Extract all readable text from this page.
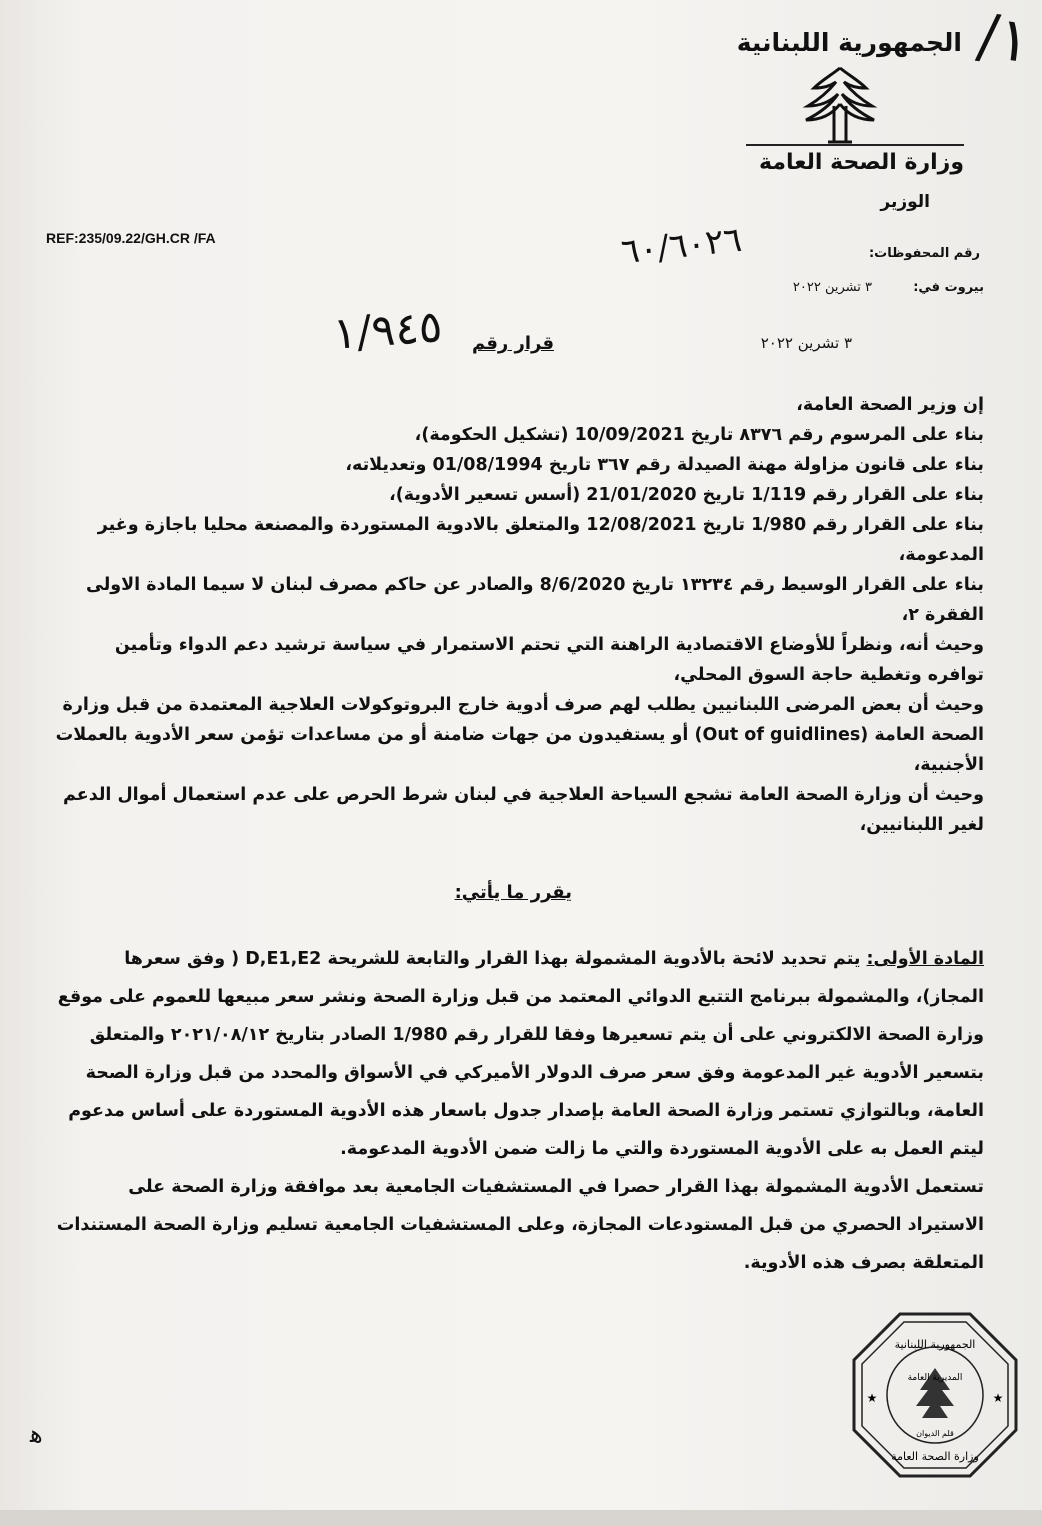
١/
الجمهورية اللبنانية
وزارة الصحة العامة
الوزير
REF:235/09.22/GH.CR /FA
رقم المحفوظات:
٦٠/٦٠٢٦
بيروت في:
٣ تشرين ٢٠٢٢
قرار رقم
١/٩٤٥	٣ تشرين ٢٠٢٢

إن وزير الصحة العامة،

بناء على المرسوم رقم ٨٣٧٦ تاريخ 10/09/2021 (تشكيل الحكومة)،

بناء على قانون مزاولة مهنة الصيدلة رقم ٣٦٧ تاريخ 01/08/1994 وتعديلاته،

بناء على القرار رقم 1/119 تاريخ 21/01/2020 (أسس تسعير الأدوية)،

بناء على القرار رقم 1/980 تاريخ 12/08/2021 والمتعلق بالادوية المستوردة والمصنعة محليا باجازة وغير المدعومة،

بناء على القرار الوسيط رقم ١٣٢٣٤ تاريخ 8/6/2020 والصادر عن حاكم مصرف لبنان لا سيما المادة الاولى الفقرة ٢،

وحيث أنه، ونظراً للأوضاع الاقتصادية الراهنة التي تحتم الاستمرار في سياسة ترشيد دعم الدواء وتأمين توافره وتغطية حاجة السوق المحلي،

وحيث أن بعض المرضى اللبنانيين يطلب لهم صرف أدوية خارج البروتوكولات العلاجية المعتمدة من قبل وزارة الصحة العامة (Out of guidlines) أو يستفيدون من جهات ضامنة أو من مساعدات تؤمن سعر الأدوية بالعملات الأجنبية،

وحيث أن وزارة الصحة العامة تشجع السياحة العلاجية في لبنان شرط الحرص على عدم استعمال أموال الدعم لغير اللبنانيين،

يقرر ما يأتي:

المادة الأولى: يتم تحديد لائحة بالأدوية المشمولة بهذا القرار والتابعة للشريحة D,E1,E2 ( وفق سعرها المجاز)، والمشمولة ببرنامج التتبع الدوائي المعتمد من قبل وزارة الصحة ونشر سعر مبيعها للعموم على موقع وزارة الصحة الالكتروني على أن يتم تسعيرها وفقا للقرار رقم 1/980 الصادر بتاريخ ٢٠٢١/٠٨/١٢ والمتعلق بتسعير الأدوية غير المدعومة وفق سعر صرف الدولار الأميركي في الأسواق والمحدد من قبل وزارة الصحة العامة، وبالتوازي تستمر وزارة الصحة العامة بإصدار جدول باسعار هذه الأدوية المستوردة على أساس مدعوم ليتم العمل به على الأدوية المستوردة والتي ما زالت ضمن الأدوية المدعومة.

تستعمل الأدوية المشمولة بهذا القرار حصرا في المستشفيات الجامعية بعد موافقة وزارة الصحة على الاستيراد الحصري من قبل المستودعات المجازة، وعلى المستشفيات الجامعية تسليم وزارة الصحة المستندات المتعلقة بصرف هذه الأدوية.

الجمهورية اللبنانية
المديرية العامة
قلم الديوان
وزارة الصحة العامة
★	★
ﻫ
